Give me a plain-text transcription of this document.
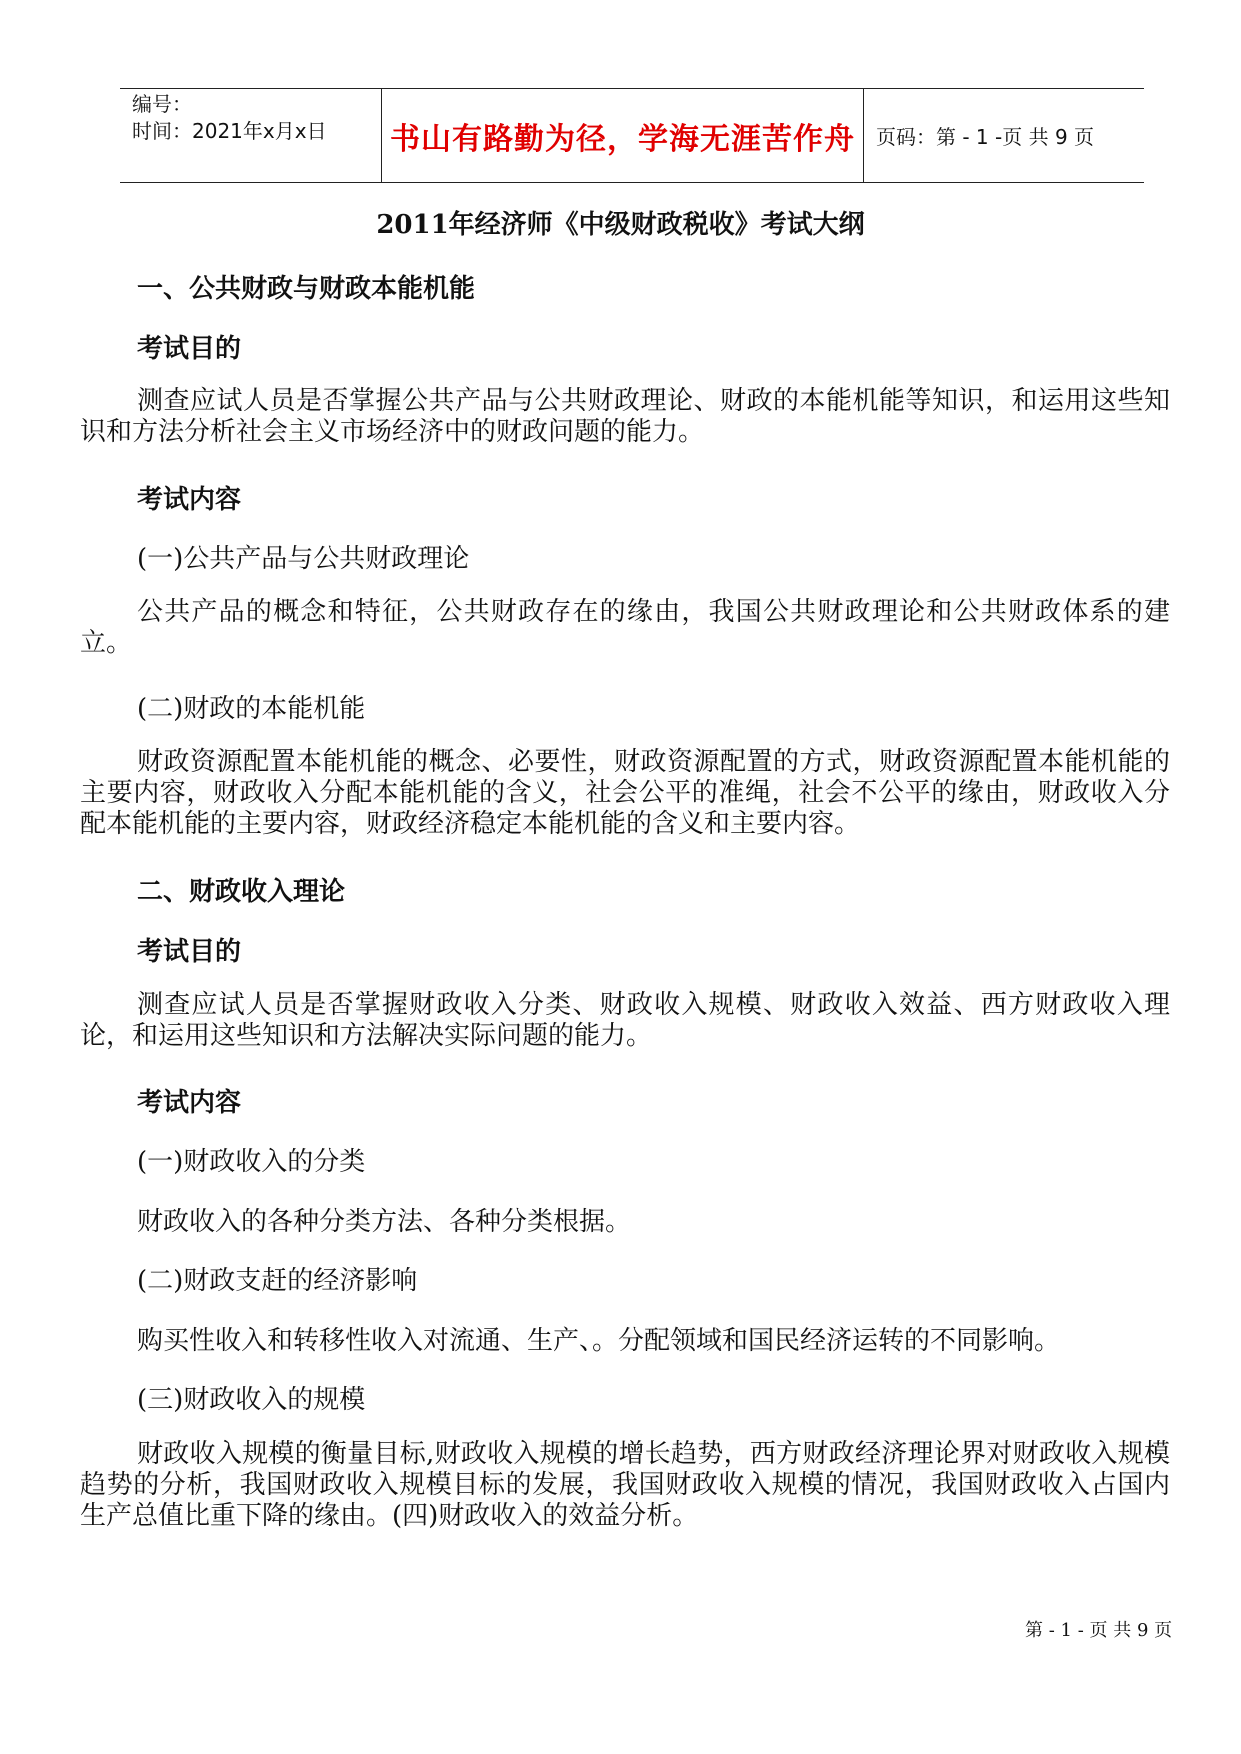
编号：
时间：2021年x月x日	书山有路勤为径，学海无涯苦作舟	页码：第 - 1 -页 共 9 页
2011年经济师《中级财政税收》考试大纲
一、公共财政与财政本能机能
考试目的
测查应试人员是否掌握公共产品与公共财政理论、财政的本能机能等知识，和运用这些知识和方法分析社会主义市场经济中的财政问题的能力。
考试内容
(一)公共产品与公共财政理论
公共产品的概念和特征，公共财政存在的缘由，我国公共财政理论和公共财政体系的建立。
(二)财政的本能机能
财政资源配置本能机能的概念、必要性，财政资源配置的方式，财政资源配置本能机能的主要内容，财政收入分配本能机能的含义，社会公平的准绳，社会不公平的缘由，财政收入分配本能机能的主要内容，财政经济稳定本能机能的含义和主要内容。
二、财政收入理论
考试目的
测查应试人员是否掌握财政收入分类、财政收入规模、财政收入效益、西方财政收入理论，和运用这些知识和方法解决实际问题的能力。
考试内容
(一)财政收入的分类
财政收入的各种分类方法、各种分类根据。
(二)财政支赶的经济影响
购买性收入和转移性收入对流通、生产、。分配领域和国民经济运转的不同影响。
(三)财政收入的规模
财政收入规模的衡量目标,财政收入规模的增长趋势，西方财政经济理论界对财政收入规模趋势的分析，我国财政收入规模目标的发展，我国财政收入规模的情况，我国财政收入占国内生产总值比重下降的缘由。(四)财政收入的效益分析。
第 - 1 - 页 共 9 页
